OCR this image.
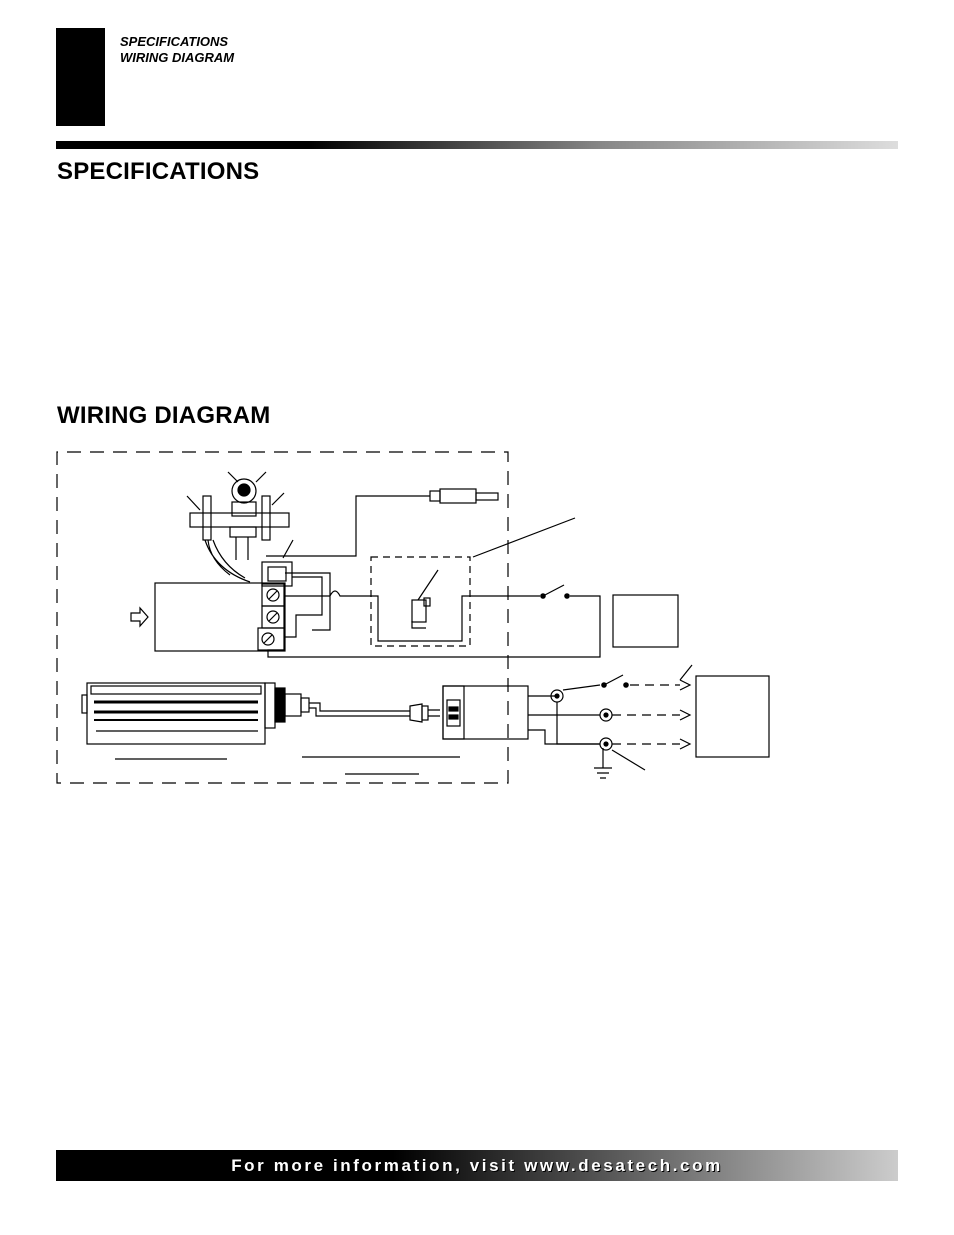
SPECIFICATIONS
WIRING DIAGRAM
SPECIFICATIONS
WIRING DIAGRAM
For more information, visit www.desatech.com
